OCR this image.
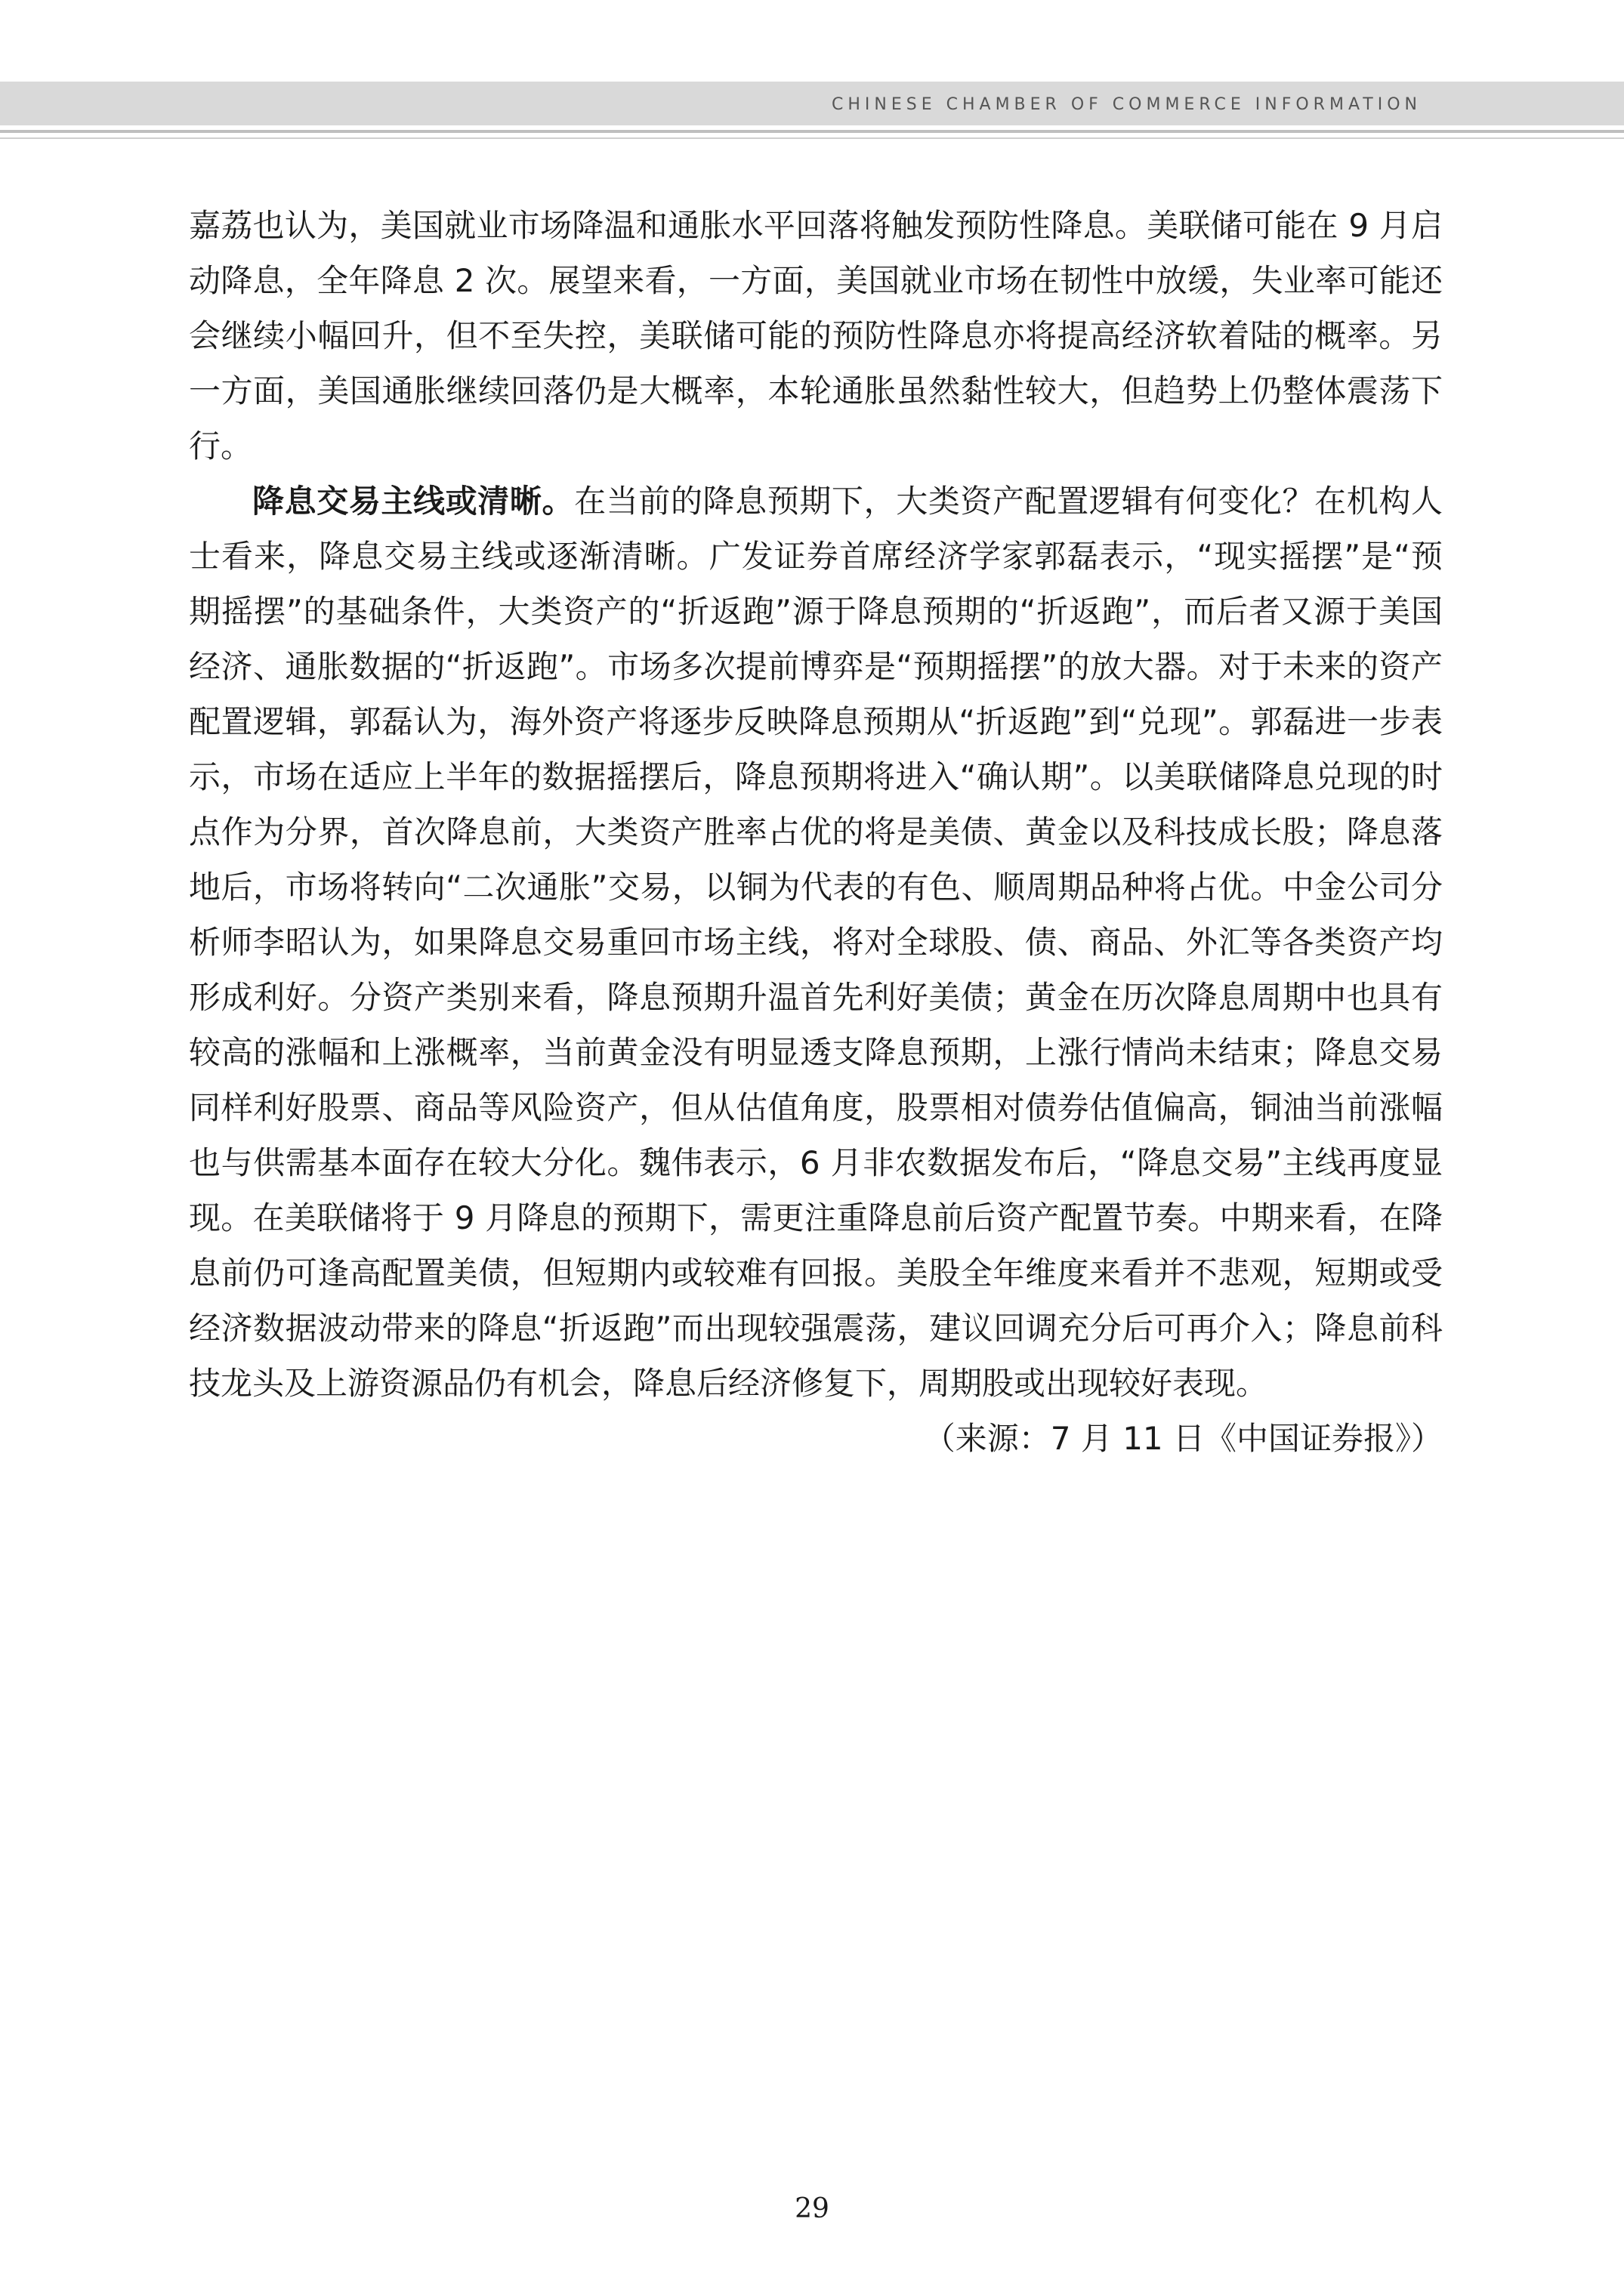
CHINESE CHAMBER OF COMMERCE INFORMATION

嘉荔也认为，美国就业市场降温和通胀水平回落将触发预防性降息。美联储可能在 9 月启动降息，全年降息 2 次。展望来看，一方面，美国就业市场在韧性中放缓，失业率可能还会继续小幅回升，但不至失控，美联储可能的预防性降息亦将提高经济软着陆的概率。另一方面，美国通胀继续回落仍是大概率，本轮通胀虽然黏性较大，但趋势上仍整体震荡下行。

降息交易主线或清晰。在当前的降息预期下，大类资产配置逻辑有何变化？在机构人士看来，降息交易主线或逐渐清晰。广发证券首席经济学家郭磊表示，“现实摇摆”是“预期摇摆”的基础条件，大类资产的“折返跑”源于降息预期的“折返跑”，而后者又源于美国经济、通胀数据的“折返跑”。市场多次提前博弈是“预期摇摆”的放大器。对于未来的资产配置逻辑，郭磊认为，海外资产将逐步反映降息预期从“折返跑”到“兑现”。郭磊进一步表示，市场在适应上半年的数据摇摆后，降息预期将进入“确认期”。以美联储降息兑现的时点作为分界，首次降息前，大类资产胜率占优的将是美债、黄金以及科技成长股；降息落地后，市场将转向“二次通胀”交易，以铜为代表的有色、顺周期品种将占优。中金公司分析师李昭认为，如果降息交易重回市场主线，将对全球股、债、商品、外汇等各类资产均形成利好。分资产类别来看，降息预期升温首先利好美债；黄金在历次降息周期中也具有较高的涨幅和上涨概率，当前黄金没有明显透支降息预期，上涨行情尚未结束；降息交易同样利好股票、商品等风险资产，但从估值角度，股票相对债券估值偏高，铜油当前涨幅也与供需基本面存在较大分化。魏伟表示，6 月非农数据发布后，“降息交易”主线再度显现。在美联储将于 9 月降息的预期下，需更注重降息前后资产配置节奏。中期来看，在降息前仍可逢高配置美债，但短期内或较难有回报。美股全年维度来看并不悲观，短期或受经济数据波动带来的降息“折返跑”而出现较强震荡，建议回调充分后可再介入；降息前科技龙头及上游资源品仍有机会，降息后经济修复下，周期股或出现较好表现。

（来源：7 月 11 日《中国证券报》）

29
